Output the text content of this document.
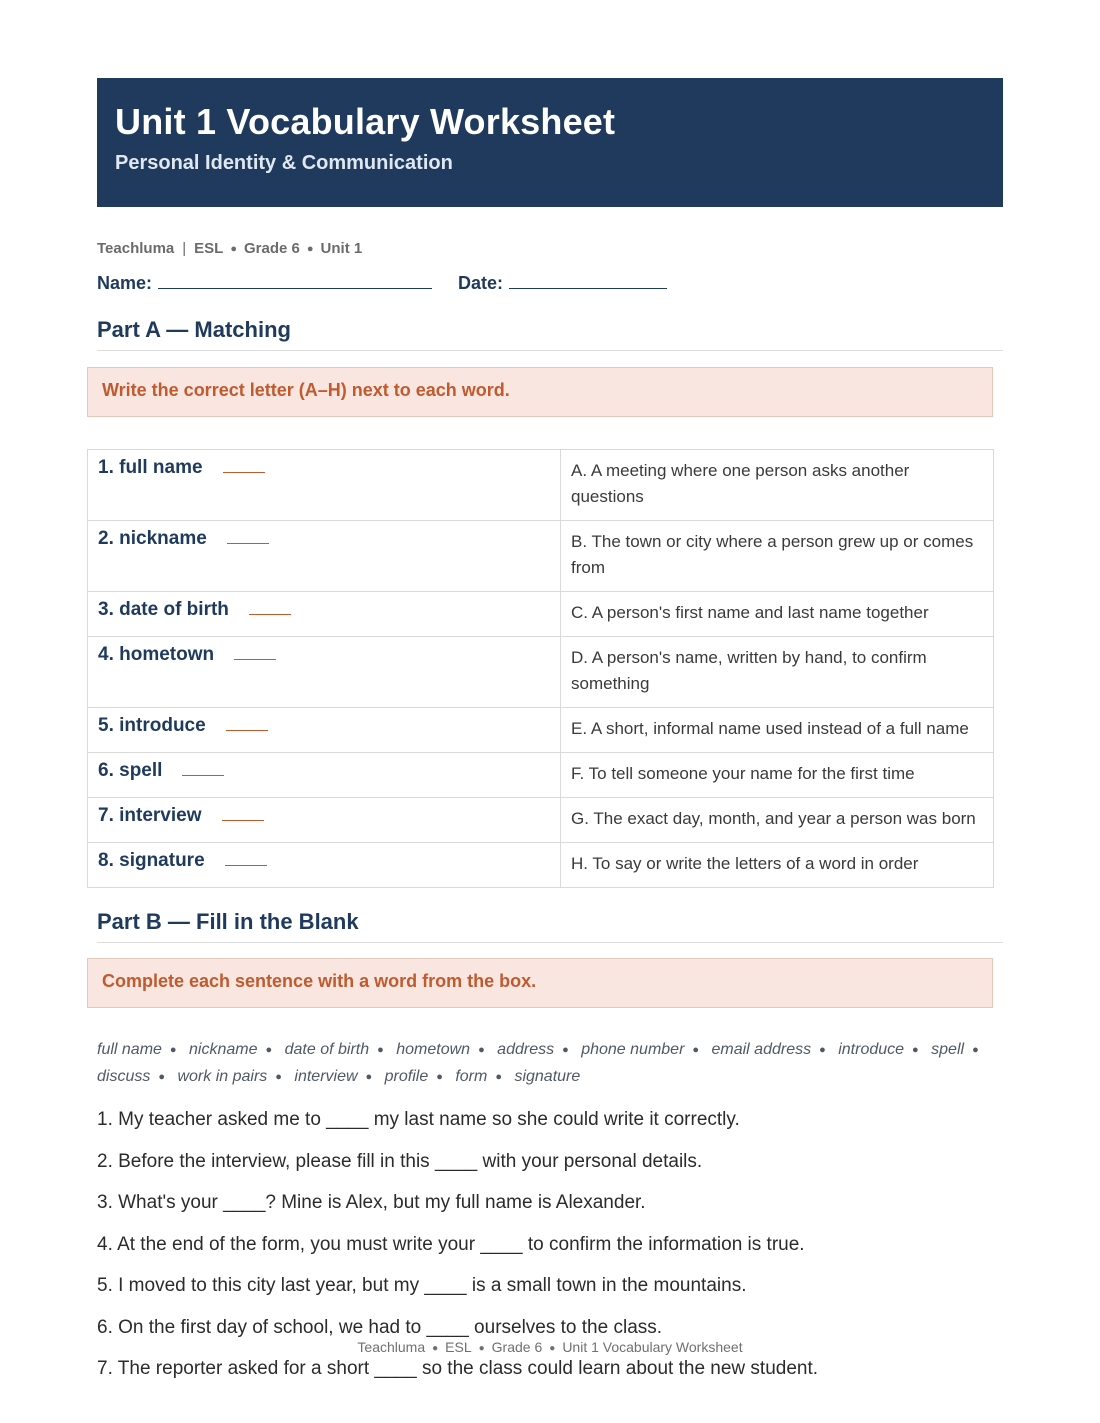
Unit 1 Vocabulary Worksheet
Personal Identity & Communication
Teachluma | ESL ● Grade 6 ● Unit 1
Name:	Date:
Part A — Matching
Write the correct letter (A–H) next to each word.
1. full name	A. A meeting where one person asks another questions
2. nickname	B. The town or city where a person grew up or comes from
3. date of birth	C. A person's first name and last name together
4. hometown	D. A person's name, written by hand, to confirm something
5. introduce	E. A short, informal name used instead of a full name
6. spell	F. To tell someone your name for the first time
7. interview	G. The exact day, month, and year a person was born
8. signature	H. To say or write the letters of a word in order
Part B — Fill in the Blank
Complete each sentence with a word from the box.
full name ● nickname ● date of birth ● hometown ● address ● phone number ● email address ● introduce ● spell ● discuss ● work in pairs ● interview ● profile ● form ● signature
1. My teacher asked me to ____ my last name so she could write it correctly.
2. Before the interview, please fill in this ____ with your personal details.
3. What's your ____? Mine is Alex, but my full name is Alexander.
4. At the end of the form, you must write your ____ to confirm the information is true.
5. I moved to this city last year, but my ____ is a small town in the mountains.
6. On the first day of school, we had to ____ ourselves to the class.
7. The reporter asked for a short ____ so the class could learn about the new student.
Teachluma ● ESL ● Grade 6 ● Unit 1 Vocabulary Worksheet
